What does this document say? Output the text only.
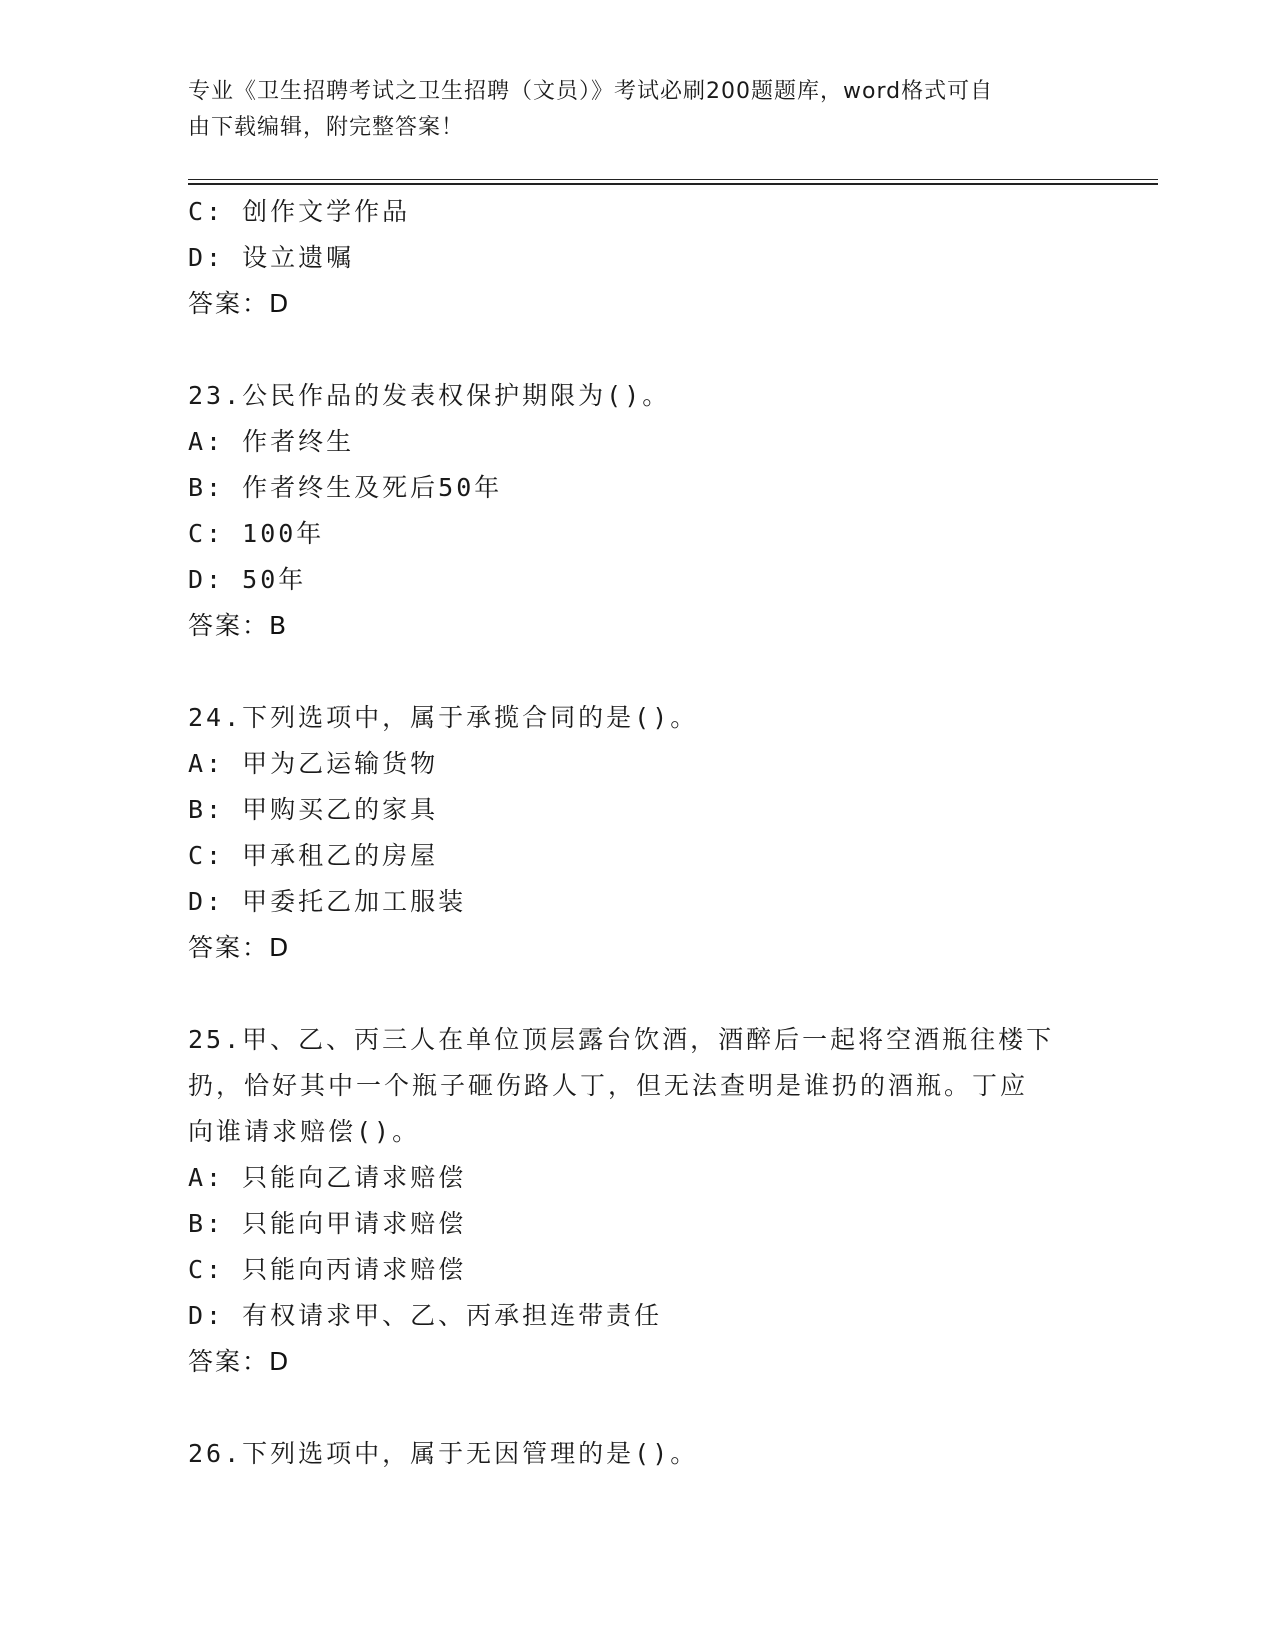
专业《卫生招聘考试之卫生招聘（文员）》考试必刷200题题库，word格式可自
由下载编辑，附完整答案！
C: 创作文学作品
D: 设立遗嘱
答案：D
23.公民作品的发表权保护期限为()。
A: 作者终生
B: 作者终生及死后50年
C: 100年
D: 50年
答案：B
24.下列选项中，属于承揽合同的是()。
A: 甲为乙运输货物
B: 甲购买乙的家具
C: 甲承租乙的房屋
D: 甲委托乙加工服装
答案：D
25.甲、乙、丙三人在单位顶层露台饮酒，酒醉后一起将空酒瓶往楼下
扔，恰好其中一个瓶子砸伤路人丁，但无法查明是谁扔的酒瓶。丁应
向谁请求赔偿()。
A: 只能向乙请求赔偿
B: 只能向甲请求赔偿
C: 只能向丙请求赔偿
D: 有权请求甲、乙、丙承担连带责任
答案：D
26.下列选项中，属于无因管理的是()。
